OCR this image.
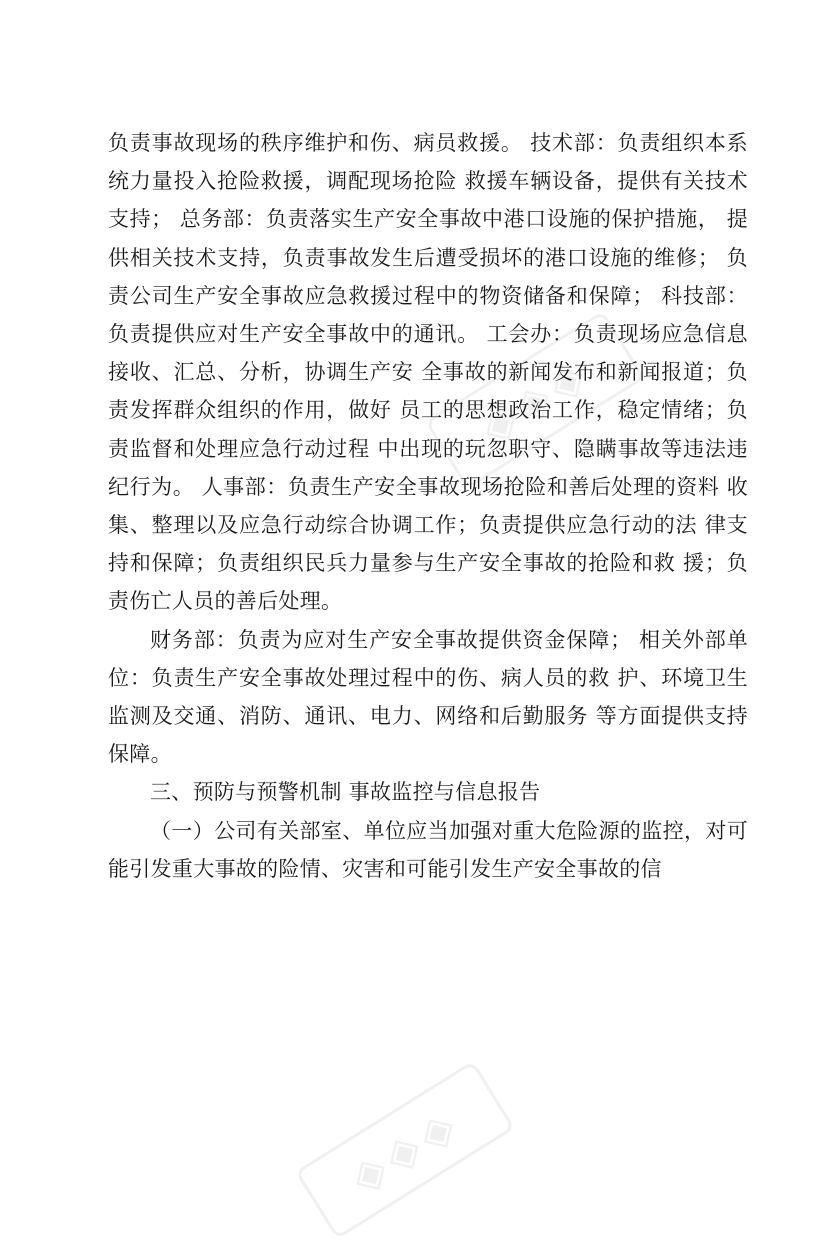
◈◈◈

负责事故现场的秩序维护和伤、病员救援。 技术部：负责组织本系统力量投入抢险救援，调配现场抢险 救援车辆设备，提供有关技术支持； 总务部：负责落实生产安全事故中港口设施的保护措施， 提供相关技术支持，负责事故发生后遭受损坏的港口设施的维修； 负责公司生产安全事故应急救援过程中的物资储备和保障； 科技部：负责提供应对生产安全事故中的通讯。 工会办：负责现场应急信息接收、汇总、分析，协调生产安 全事故的新闻发布和新闻报道；负责发挥群众组织的作用，做好 员工的思想政治工作，稳定情绪；负责监督和处理应急行动过程 中出现的玩忽职守、隐瞒事故等违法违纪行为。 人事部：负责生产安全事故现场抢险和善后处理的资料 收集、整理以及应急行动综合协调工作；负责提供应急行动的法 律支持和保障；负责组织民兵力量参与生产安全事故的抢险和救 援；负责伤亡人员的善后处理。

财务部：负责为应对生产安全事故提供资金保障； 相关外部单位：负责生产安全事故处理过程中的伤、病人员的救 护、环境卫生监测及交通、消防、通讯、电力、网络和后勤服务 等方面提供支持保障。

三、预防与预警机制 事故监控与信息报告

（一）公司有关部室、单位应当加强对重大危险源的监控，对可能引发重大事故的险情、灾害和可能引发生产安全事故的信

◈◈◈
